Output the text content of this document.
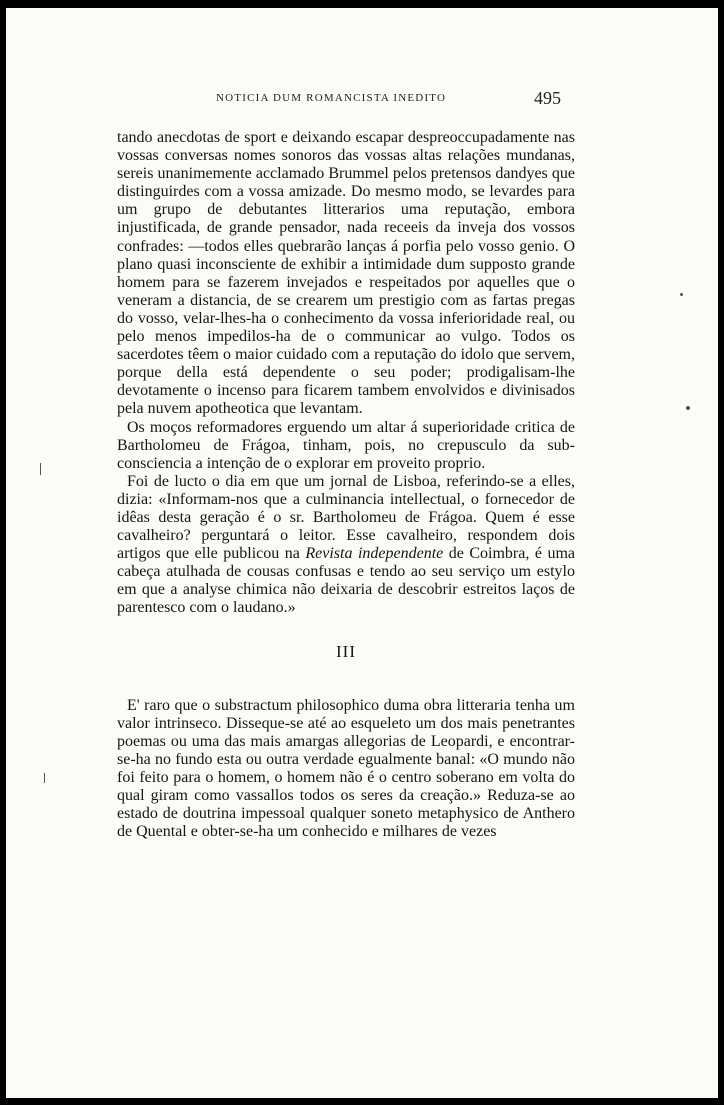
NOTICIA DUM ROMANCISTA INEDITO	495

tando anecdotas de sport e deixando escapar despreoccupadamente nas vossas conversas nomes sonoros das vossas altas relações mundanas, sereis unanimemente acclamado Brummel pelos pretensos dandyes que distinguirdes com a vossa amizade. Do mesmo modo, se levardes para um grupo de debutantes litterarios uma reputação, embora injustificada, de grande pensador, nada receeis da inveja dos vossos confrades: —todos elles quebrarão lanças á porfia pelo vosso genio. O plano quasi inconsciente de exhibir a intimidade dum supposto grande homem para se fazerem invejados e respeitados por aquelles que o veneram a distancia, de se crearem um prestigio com as fartas pregas do vosso, velar-lhes-ha o conhecimento da vossa inferioridade real, ou pelo menos impedilos-ha de o communicar ao vulgo. Todos os sacerdotes têem o maior cuidado com a reputação do idolo que servem, porque della está dependente o seu poder; prodigalisam-lhe devotamente o incenso para ficarem tambem envolvidos e divinisados pela nuvem apotheotica que levantam.

Os moços reformadores erguendo um altar á superioridade critica de Bartholomeu de Frágoa, tinham, pois, no crepusculo da sub-consciencia a intenção de o explorar em proveito proprio.

Foi de lucto o dia em que um jornal de Lisboa, referindo-se a elles, dizia: «Informam-nos que a culminancia intellectual, o fornecedor de idêas desta geração é o sr. Bartholomeu de Frágoa. Quem é esse cavalheiro? perguntará o leitor. Esse cavalheiro, respondem dois artigos que elle publicou na Revista independente de Coimbra, é uma cabeça atulhada de cousas confusas e tendo ao seu serviço um estylo em que a analyse chimica não deixaria de descobrir estreitos laços de parentesco com o laudano.»

III

E' raro que o substractum philosophico duma obra litteraria tenha um valor intrinseco. Disseque-se até ao esqueleto um dos mais penetrantes poemas ou uma das mais amargas allegorias de Leopardi, e encontrar-se-ha no fundo esta ou outra verdade egualmente banal: «O mundo não foi feito para o homem, o homem não é o centro soberano em volta do qual giram como vassallos todos os seres da creação.» Reduza-se ao estado de doutrina impessoal qualquer soneto metaphysico de Anthero de Quental e obter-se-ha um conhecido e milhares de vezes
